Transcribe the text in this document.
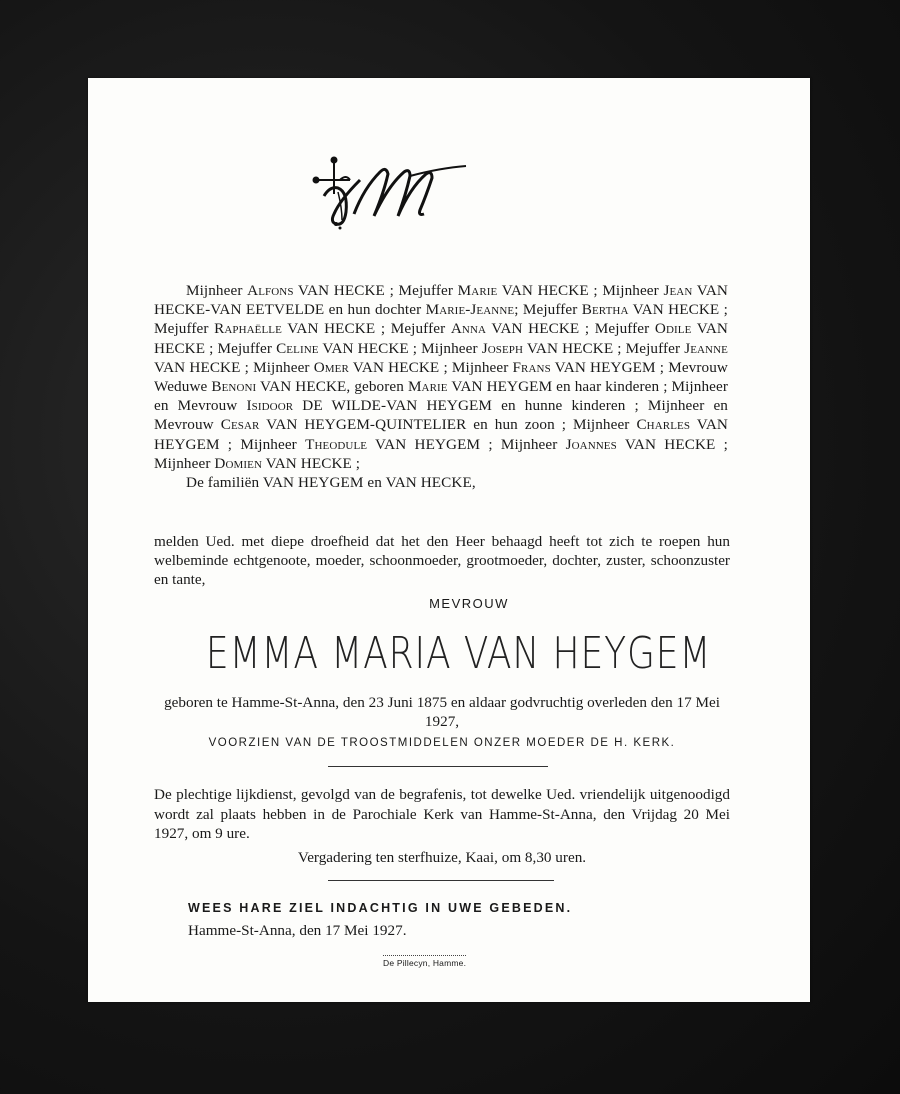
Mijnheer Alfons VAN HECKE ; Mejuffer Marie VAN HECKE ; Mijnheer Jean VAN HECKE-VAN EETVELDE en hun dochter Marie-Jeanne; Mejuffer Bertha VAN HECKE ; Mejuffer Raphaëlle VAN HECKE ; Mejuffer Anna VAN HECKE ; Mejuffer Odile VAN HECKE ; Mejuffer Celine VAN HECKE ; Mijnheer Joseph VAN HECKE ; Mejuffer Jeanne VAN HECKE ; Mijnheer Omer VAN HECKE ; Mijnheer Frans VAN HEYGEM ; Mevrouw Weduwe Benoni VAN HECKE, geboren Marie VAN HEYGEM en haar kinderen ; Mijnheer en Mevrouw Isidoor DE WILDE-VAN HEYGEM en hunne kinderen ; Mijnheer en Mevrouw Cesar VAN HEYGEM-QUINTELIER en hun zoon ; Mijnheer Charles VAN HEYGEM ; Mijnheer Theodule VAN HEYGEM ; Mijnheer Joannes VAN HECKE ; Mijnheer Domien VAN HECKE ;
De familiën VAN HEYGEM en VAN HECKE,
melden Ued. met diepe droefheid dat het den Heer behaagd heeft tot zich te roepen hun welbeminde echtgenoote, moeder, schoonmoeder, grootmoeder, dochter, zuster, schoonzuster en tante,
MEVROUW
EMMA MARIA VAN HEYGEM
geboren te Hamme-St-Anna, den 23 Juni 1875 en aldaar godvruchtig overleden den 17 Mei 1927,
VOORZIEN VAN DE TROOSTMIDDELEN ONZER MOEDER DE H. KERK.
De plechtige lijkdienst, gevolgd van de begrafenis, tot dewelke Ued. vriendelijk uitgenoodigd wordt zal plaats hebben in de Parochiale Kerk van Hamme-St-Anna, den Vrijdag 20 Mei 1927, om 9 ure.
Vergadering ten sterfhuize, Kaai, om 8,30 uren.
WEES HARE ZIEL INDACHTIG IN UWE GEBEDEN.
Hamme-St-Anna, den 17 Mei 1927.
De Pillecyn, Hamme.
